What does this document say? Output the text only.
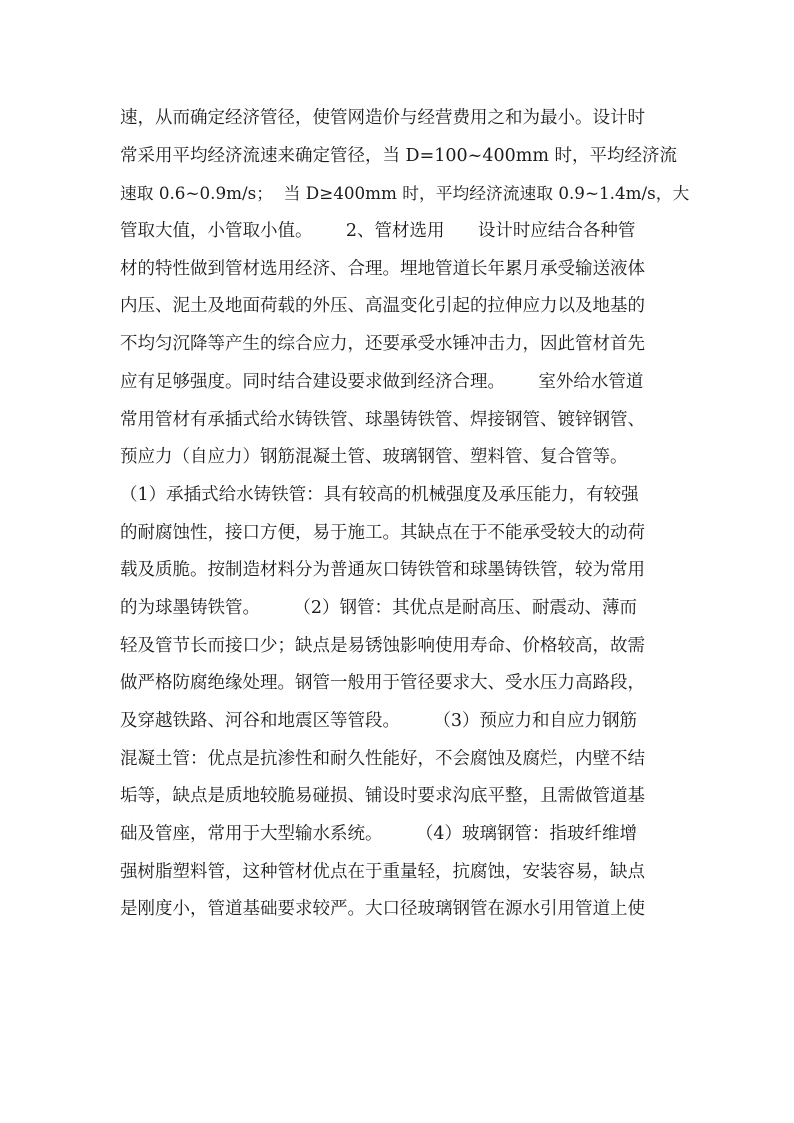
速，从而确定经济管径，使管网造价与经营费用之和为最小。设计时
常采用平均经济流速来确定管径，当 D=100~400mm 时，平均经济流
速取 0.6~0.9m/s；  当 D≥400mm 时，平均经济流速取 0.9~1.4m/s，大
管取大值，小管取小值。      2、管材选用      设计时应结合各种管
材的特性做到管材选用经济、合理。埋地管道长年累月承受输送液体
内压、泥土及地面荷载的外压、高温变化引起的拉伸应力以及地基的
不均匀沉降等产生的综合应力，还要承受水锤冲击力，因此管材首先
应有足够强度。同时结合建设要求做到经济合理。      室外给水管道
常用管材有承插式给水铸铁管、球墨铸铁管、焊接钢管、镀锌钢管、
预应力（自应力）钢筋混凝土管、玻璃钢管、塑料管、复合管等。
（1）承插式给水铸铁管：具有较高的机械强度及承压能力，有较强
的耐腐蚀性，接口方便，易于施工。其缺点在于不能承受较大的动荷
载及质脆。按制造材料分为普通灰口铸铁管和球墨铸铁管，较为常用
的为球墨铸铁管。      （2）钢管：其优点是耐高压、耐震动、薄而
轻及管节长而接口少；缺点是易锈蚀影响使用寿命、价格较高，故需
做严格防腐绝缘处理。钢管一般用于管径要求大、受水压力高路段，
及穿越铁路、河谷和地震区等管段。      （3）预应力和自应力钢筋
混凝土管：优点是抗渗性和耐久性能好，不会腐蚀及腐烂，内壁不结
垢等，缺点是质地较脆易碰损、铺设时要求沟底平整，且需做管道基
础及管座，常用于大型输水系统。      （4）玻璃钢管：指玻纤维增
强树脂塑料管，这种管材优点在于重量轻，抗腐蚀，安装容易，缺点
是刚度小，管道基础要求较严。大口径玻璃钢管在源水引用管道上使
